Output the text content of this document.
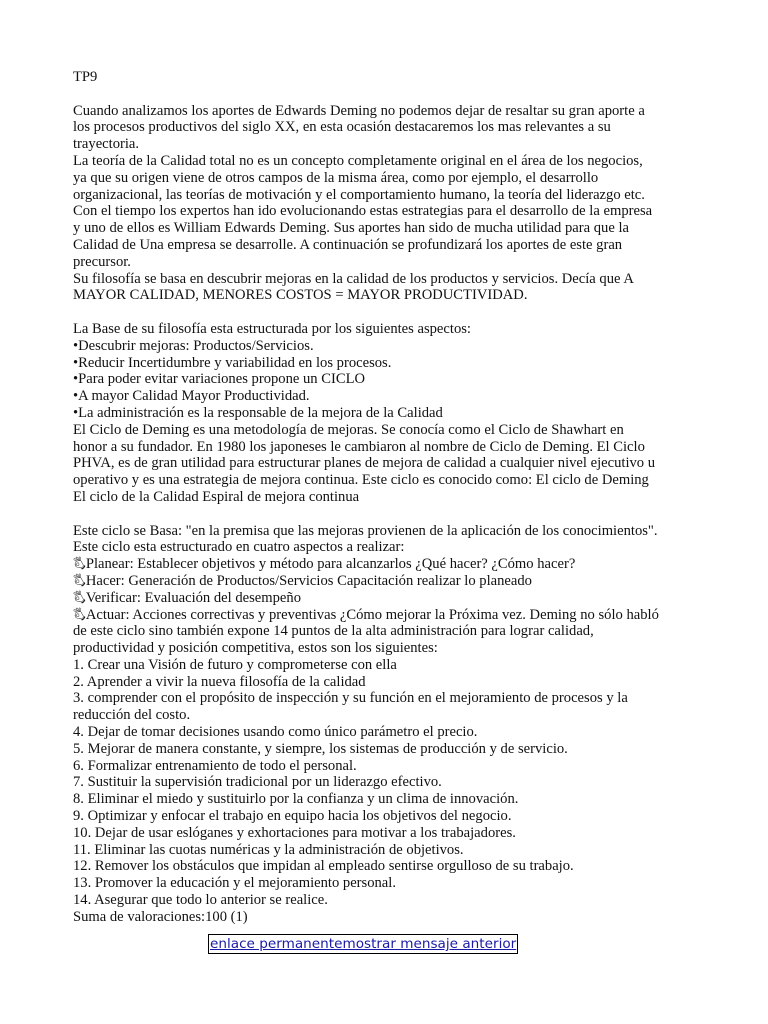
TP9
Cuando analizamos los aportes de Edwards Deming no podemos dejar de resaltar su gran aporte a
los procesos productivos del siglo XX, en esta ocasión destacaremos los mas relevantes a su
trayectoria.
La teoría de la Calidad total no es un concepto completamente original en el área de los negocios,
ya que su origen viene de otros campos de la misma área, como por ejemplo, el desarrollo
organizacional, las teorías de motivación y el comportamiento humano, la teoría del liderazgo etc.
Con el tiempo los expertos han ido evolucionando estas estrategias para el desarrollo de la empresa
y uno de ellos es William Edwards Deming. Sus aportes han sido de mucha utilidad para que la
Calidad de Una empresa se desarrolle. A continuación se profundizará los aportes de este gran
precursor.
Su filosofía se basa en descubrir mejoras en la calidad de los productos y servicios. Decía que A
MAYOR CALIDAD, MENORES COSTOS = MAYOR PRODUCTIVIDAD.
La Base de su filosofía esta estructurada por los siguientes aspectos:
•Descubrir mejoras: Productos/Servicios.
•Reducir Incertidumbre y variabilidad en los procesos.
•Para poder evitar variaciones propone un CICLO
•A mayor Calidad Mayor Productividad.
•La administración es la responsable de la mejora de la Calidad
El Ciclo de Deming es una metodología de mejoras. Se conocía como el Ciclo de Shawhart en
honor a su fundador. En 1980 los japoneses le cambiaron al nombre de Ciclo de Deming. El Ciclo
PHVA, es de gran utilidad para estructurar planes de mejora de calidad a cualquier nivel ejecutivo u
operativo y es una estrategia de mejora continua. Este ciclo es conocido como: El ciclo de Deming
El ciclo de la Calidad Espiral de mejora continua
Este ciclo se Basa: "en la premisa que las mejoras provienen de la aplicación de los conocimientos".
Este ciclo esta estructurado en cuatro aspectos a realizar:
🖏Planear: Establecer objetivos y método para alcanzarlos ¿Qué hacer? ¿Cómo hacer?
🖏Hacer: Generación de Productos/Servicios Capacitación realizar lo planeado
🖏Verificar: Evaluación del desempeño
🖏Actuar: Acciones correctivas y preventivas ¿Cómo mejorar la Próxima vez. Deming no sólo habló
de este ciclo sino también expone 14 puntos de la alta administración para lograr calidad,
productividad y posición competitiva, estos son los siguientes:
1. Crear una Visión de futuro y comprometerse con ella
2. Aprender a vivir la nueva filosofía de la calidad
3. comprender con el propósito de inspección y su función en el mejoramiento de procesos y la
reducción del costo.
4. Dejar de tomar decisiones usando como único parámetro el precio.
5. Mejorar de manera constante, y siempre, los sistemas de producción y de servicio.
6. Formalizar entrenamiento de todo el personal.
7. Sustituir la supervisión tradicional por un liderazgo efectivo.
8. Eliminar el miedo y sustituirlo por la confianza y un clima de innovación.
9. Optimizar y enfocar el trabajo en equipo hacia los objetivos del negocio.
10. Dejar de usar eslóganes y exhortaciones para motivar a los trabajadores.
11. Eliminar las cuotas numéricas y la administración de objetivos.
12. Remover los obstáculos que impidan al empleado sentirse orgulloso de su trabajo.
13. Promover la educación y el mejoramiento personal.
14. Asegurar que todo lo anterior se realice.
Suma de valoraciones:100 (1)
enlace permanentemostrar mensaje anterior
